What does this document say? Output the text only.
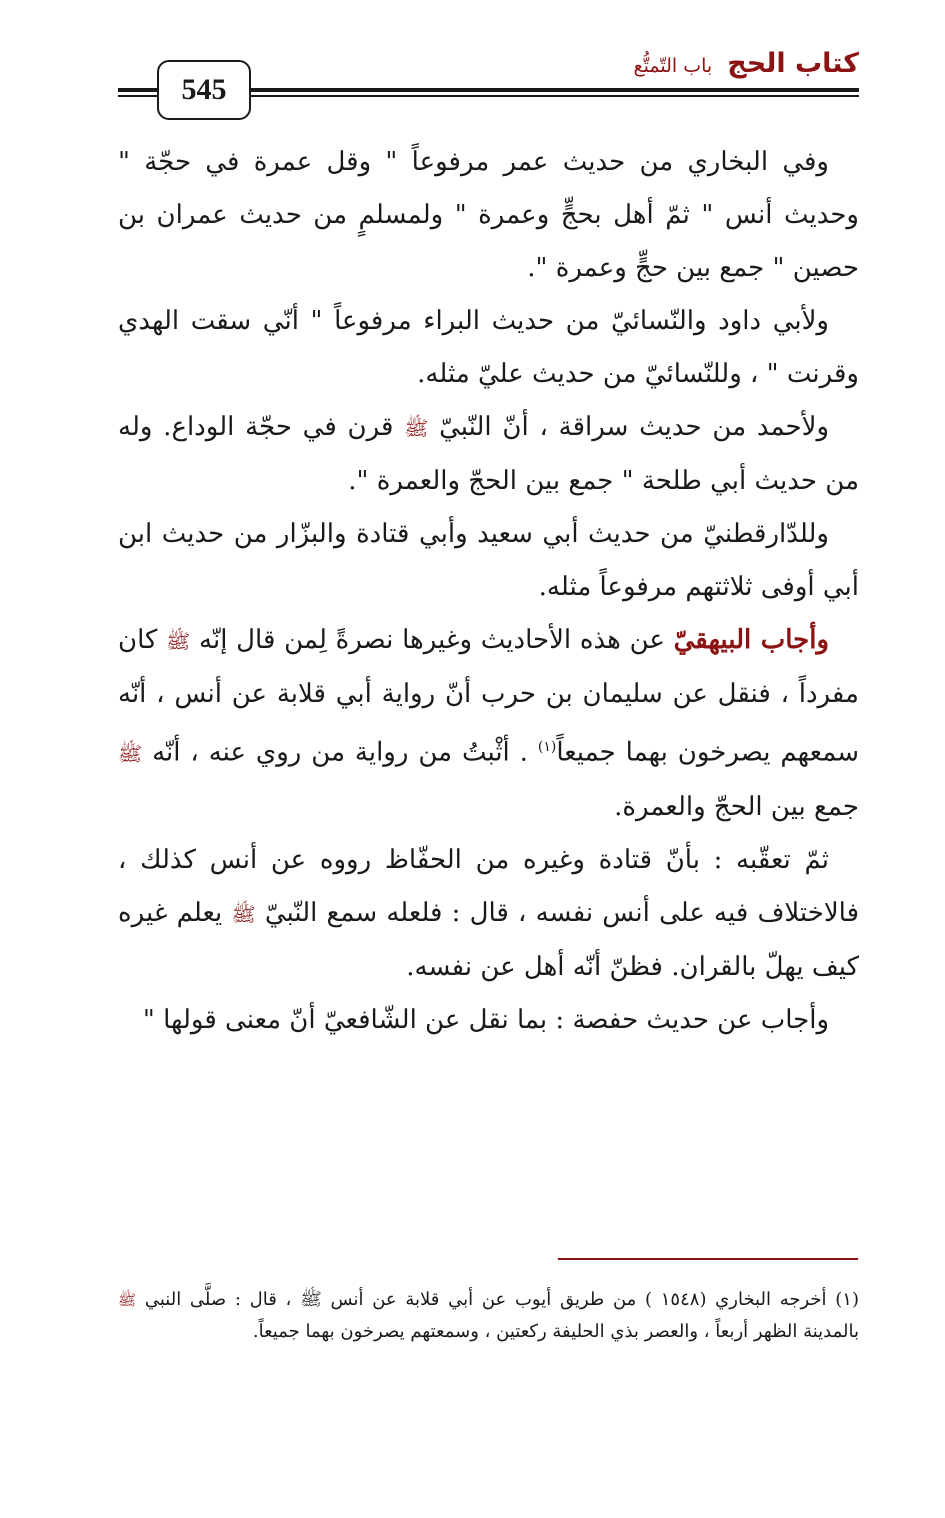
545
كتاب الحج باب التّمتُّع

وفي البخاري من حديث عمر مرفوعاً " وقل عمرة في حجّة " وحديث أنس " ثمّ أهل بحجٍّ وعمرة " ولمسلمٍ من حديث عمران بن حصين " جمع بين حجٍّ وعمرة ".

ولأبي داود والنّسائيّ من حديث البراء مرفوعاً " أنّي سقت الهدي وقرنت " ، وللنّسائيّ من حديث عليّ مثله.

ولأحمد من حديث سراقة ، أنّ النّبيّ ﷺ قرن في حجّة الوداع. وله من حديث أبي طلحة " جمع بين الحجّ والعمرة ".

وللدّارقطنيّ من حديث أبي سعيد وأبي قتادة والبزّار من حديث ابن أبي أوفى ثلاثتهم مرفوعاً مثله.

وأجاب البيهقيّ عن هذه الأحاديث وغيرها نصرةً لِمن قال إنّه ﷺ كان مفرداً ، فنقل عن سليمان بن حرب أنّ رواية أبي قلابة عن أنس ، أنّه سمعهم يصرخون بهما جميعاً$^{(١)}$ . أثْبتُ من رواية من روي عنه ، أنّه ﷺ جمع بين الحجّ والعمرة.

ثمّ تعقّبه : بأنّ قتادة وغيره من الحفّاظ رووه عن أنس كذلك ، فالاختلاف فيه على أنس نفسه ، قال : فلعله سمع النّبيّ ﷺ يعلم غيره كيف يهلّ بالقران. فظنّ أنّه أهل عن نفسه.

وأجاب عن حديث حفصة : بما نقل عن الشّافعيّ أنّ معنى قولها "

(١) أخرجه البخاري (١٥٤٨ ) من طريق أيوب عن أبي قلابة عن أنس ﷺ ، قال : صلَّى النبي ﷺ بالمدينة الظهر أربعاً ، والعصر بذي الحليفة ركعتين ، وسمعتهم يصرخون بهما جميعاً.
